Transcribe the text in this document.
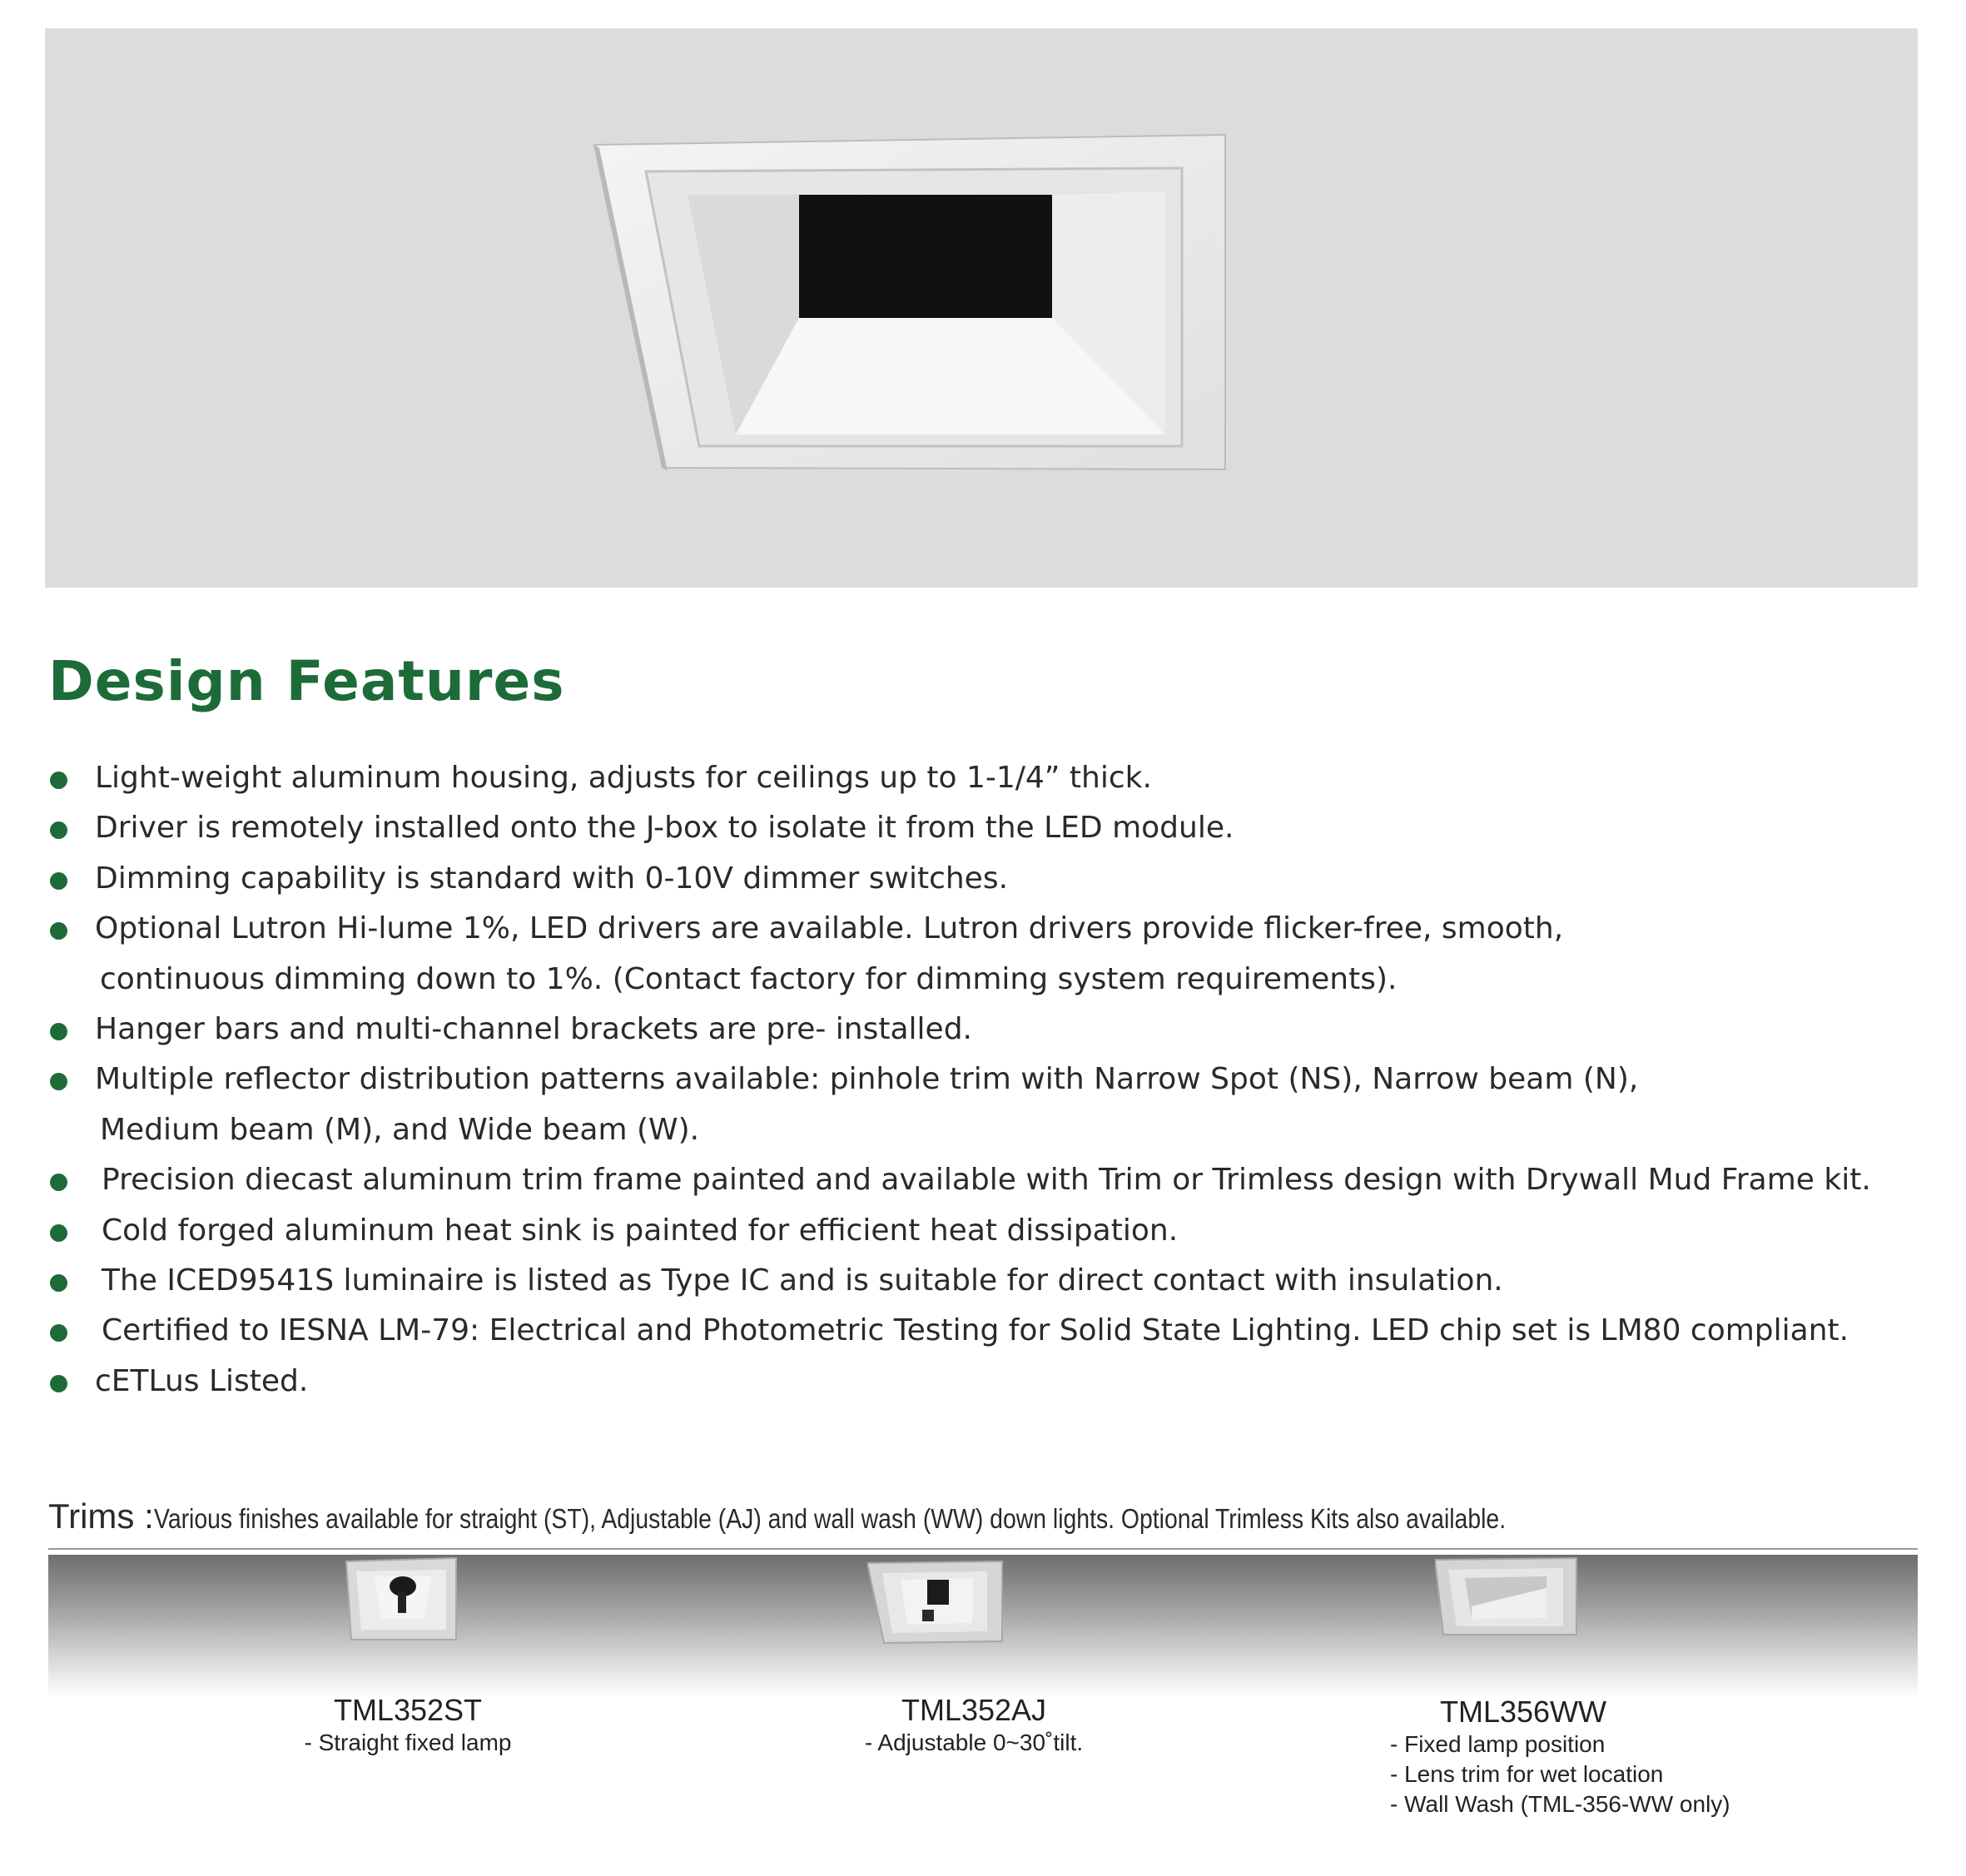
Design Features
Light-weight aluminum housing, adjusts for ceilings up to 1-1/4” thick.
Driver is remotely installed onto the J-box to isolate it from the LED module.
Dimming capability is standard with 0-10V dimmer switches.
Optional Lutron Hi-lume 1%, LED drivers are available. Lutron drivers provide flicker-free, smooth,
continuous dimming down to 1%. (Contact factory for dimming system requirements).
Hanger bars and multi-channel brackets are pre- installed.
Multiple reflector distribution patterns available: pinhole trim with Narrow Spot (NS), Narrow beam (N),
Medium beam (M), and Wide beam (W).
Precision diecast aluminum trim frame painted and available with Trim or Trimless design with Drywall Mud Frame kit.
Cold forged aluminum heat sink is painted for efficient heat dissipation.
The ICED9541S luminaire is listed as Type IC and is suitable for direct contact with insulation.
Certified to IESNA LM-79: Electrical and Photometric Testing for Solid State Lighting. LED chip set is LM80 compliant.
cETLus Listed.
Trims :Various finishes available for straight (ST), Adjustable (AJ) and wall wash (WW) down lights. Optional Trimless Kits also available.
TML352ST
- Straight fixed lamp
TML352AJ
- Adjustable 0~30˚tilt.
TML356WW
- Fixed lamp position
- Lens trim for wet location
- Wall Wash (TML-356-WW only)
